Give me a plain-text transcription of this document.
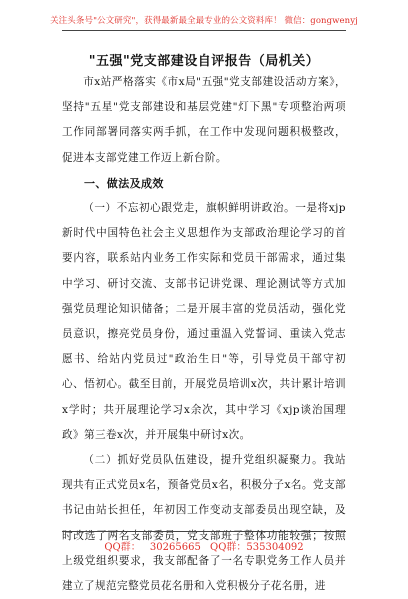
关注头条号"公文研究"，获得最新最全最专业的公文资料库！ 微信：gongwenyj
"五强"党支部建设自评报告（局机关）

市x站严格落实《市x局"五强"党支部建设活动方案》，坚持"五星"党支部建设和基层党建"灯下黑"专项整治两项工作同部署同落实两手抓，在工作中发现问题积极整改，促进本支部党建工作迈上新台阶。

一、做法及成效

（一）不忘初心跟党走，旗帜鲜明讲政治。一是将xjp新时代中国特色社会主义思想作为支部政治理论学习的首要内容，联系站内业务工作实际和党员干部需求，通过集中学习、研讨交流、支部书记讲党课、理论测试等方式加强党员理论知识储备；二是开展丰富的党员活动，强化党员意识，擦亮党员身份，通过重温入党誓词、重读入党志愿书、给站内党员过"政治生日"等，引导党员干部守初心、悟初心。截至目前，开展党员培训x次，共计累计培训x学时；共开展理论学习x余次，其中学习《xjp谈治国理政》第三卷x次，并开展集中研讨x次。

（二）抓好党员队伍建设，提升党组织凝聚力。我站现共有正式党员x名，预备党员x名，积极分子x名。党支部书记由站长担任，年初因工作变动支部委员出现空缺，及时改选了两名支部委员，党支部班子整体功能较强；按照上级党组织要求，我支部配备了一名专职党务工作人员并建立了规范完整党员花名册和入党积极分子花名册，进

QQ群： 30265665 QQ群：535304092
